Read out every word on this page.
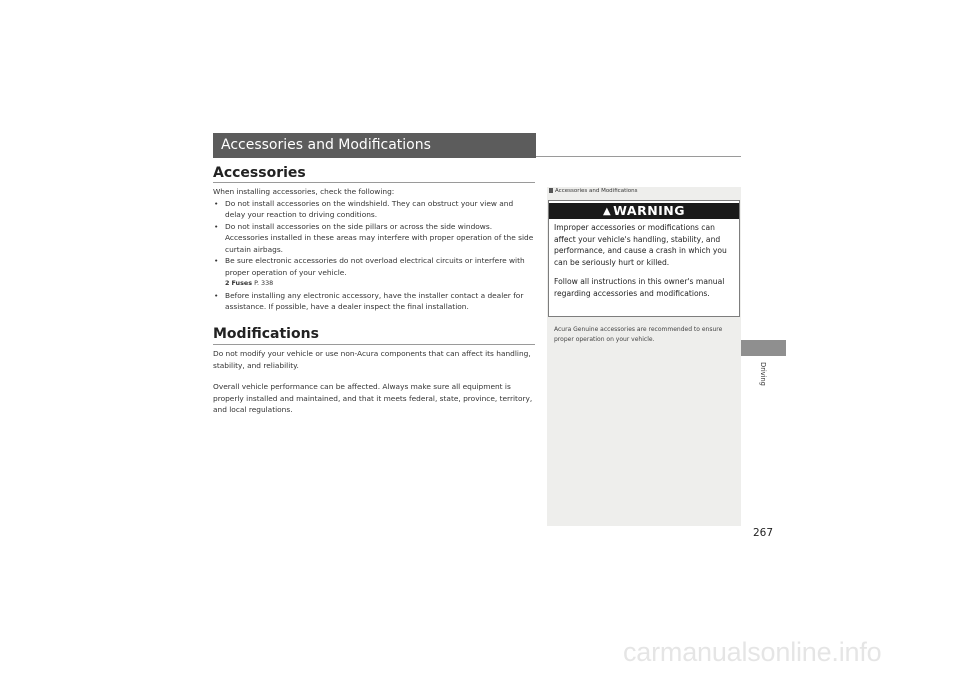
Accessories and Modifications
Accessories

When installing accessories, check the following:

• Do not install accessories on the windshield. They can obstruct your view and delay your reaction to driving conditions.
• Do not install accessories on the side pillars or across the side windows. Accessories installed in these areas may interfere with proper operation of the side curtain airbags.
• Be sure electronic accessories do not overload electrical circuits or interfere with proper operation of your vehicle.
2 Fuses P. 338
• Before installing any electronic accessory, have the installer contact a dealer for assistance. If possible, have a dealer inspect the final installation.
Modifications

Do not modify your vehicle or use non-Acura components that can affect its handling, stability, and reliability.

Overall vehicle performance can be affected. Always make sure all equipment is properly installed and maintained, and that it meets federal, state, province, territory, and local regulations.

Accessories and Modifications
▲ WARNING

Improper accessories or modifications can affect your vehicle's handling, stability, and performance, and cause a crash in which you can be seriously hurt or killed.

Follow all instructions in this owner's manual regarding accessories and modifications.

Acura Genuine accessories are recommended to ensure proper operation on your vehicle.
Driving
267
carmanualsonline.info
